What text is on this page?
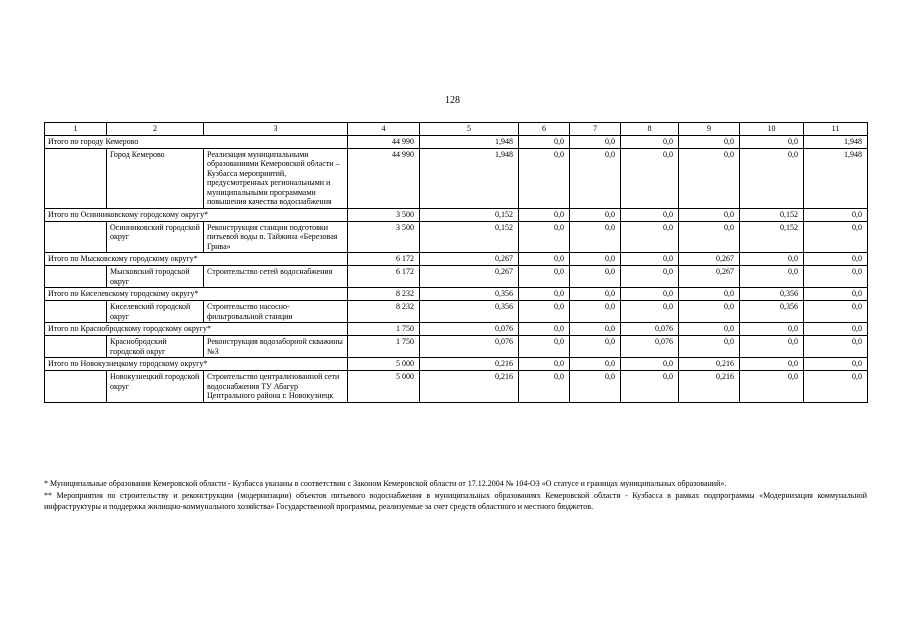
128
1	2	3	4	5	6	7	8	9	10	11
Итого по городу Кемерово			44 990	1,948	0,0	0,0	0,0	0,0	0,0	1,948
	Город Кемерово	Реализация муниципальными образованиями Кемеровской области – Кузбасса мероприятий, предусмотренных региональными и муниципальными программами повышения качества водоснабжения	44 990	1,948	0,0	0,0	0,0	0,0	0,0	1,948
Итого по Осинниковскому городскому округу*			3 500	0,152	0,0	0,0	0,0	0,0	0,152	0,0
	Осинниковский городской округ	Реконструкция станции подготовки питьевой воды п. Тайжина «Березовая Грива»	3 500	0,152	0,0	0,0	0,0	0,0	0,152	0,0
Итого по Мысковскому городскому округу*			6 172	0,267	0,0	0,0	0,0	0,267	0,0	0,0
	Мысковский городской округ	Строительство сетей водоснабжения	6 172	0,267	0,0	0,0	0,0	0,267	0,0	0,0
Итого по Киселевскому городскому округу*			8 232	0,356	0,0	0,0	0,0	0,0	0,356	0,0
	Киселевский городской округ	Строительство насосно-фильтровальной станции	8 232	0,356	0,0	0,0	0,0	0,0	0,356	0,0
Итого по Краснобродскому городскому округу*			1 750	0,076	0,0	0,0	0,076	0,0	0,0	0,0
	Краснобродский городской округ	Реконструкция водозаборной скважины №3	1 750	0,076	0,0	0,0	0,076	0,0	0,0	0,0
Итого по Новокузнецкому городскому округу*			5 000	0,216	0,0	0,0	0,0	0,216	0,0	0,0
	Новокузнецкий городской округ	Строительство централизованной сети водоснабжения ТУ Абагур Центрального района г. Новокузнецк	5 000	0,216	0,0	0,0	0,0	0,216	0,0	0,0

* Муниципальные образования Кемеровской области - Кузбасса указаны в соответствии с Законом Кемеровской области от 17.12.2004 № 104-ОЗ «О статусе и границах муниципальных образований».

** Мероприятия по строительству и реконструкции (модернизации) объектов питьевого водоснабжения в муниципальных образованиях Кемеровской области - Кузбасса в рамках подпрограммы «Модернизация коммунальной инфраструктуры и поддержка жилищно-коммунального хозяйства» Государственной программы, реализуемые за счет средств областного и местного бюджетов.
